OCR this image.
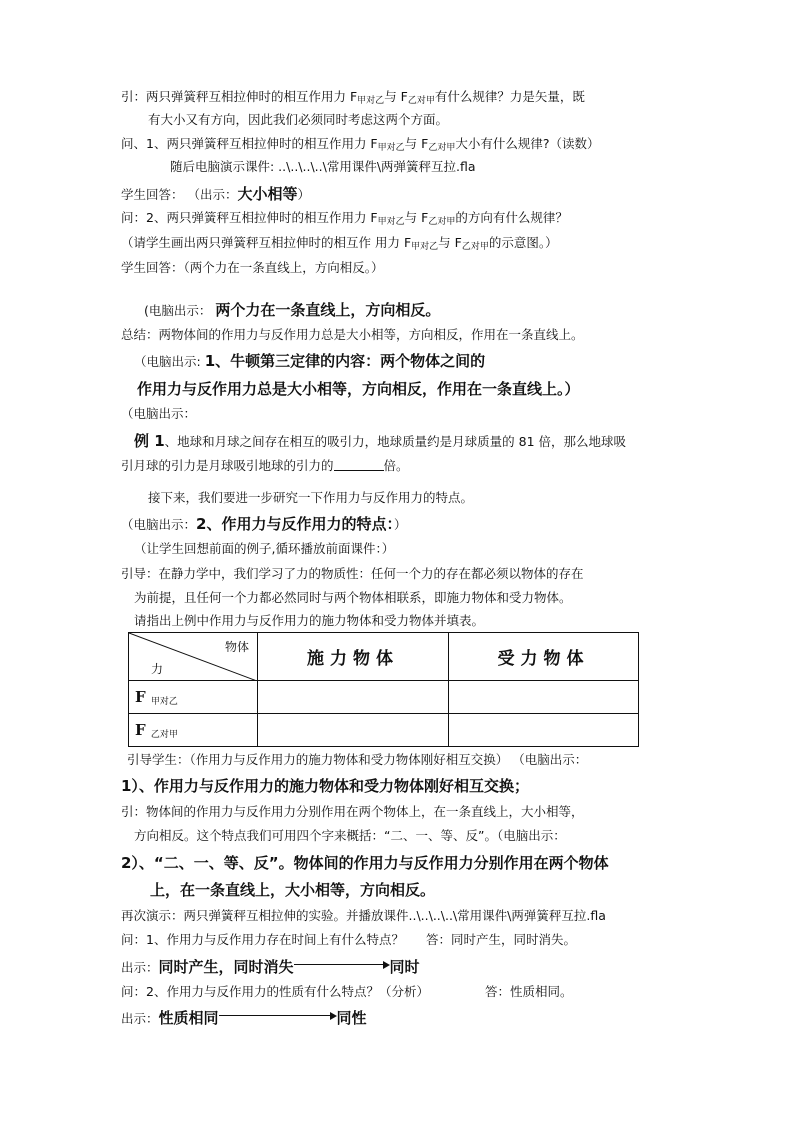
引：两只弹簧秤互相拉伸时的相互作用力 $F_{甲对乙}$与 $F_{乙对甲}$有什么规律？力是矢量，既
有大小又有方向，因此我们必须同时考虑这两个方面。
问、1、两只弹簧秤互相拉伸时的相互作用力 $F_{甲对乙}$与 $F_{乙对甲}$大小有什么规律?（读数）
随后电脑演示课件: ..\..\..\..\常用课件\两弹簧秤互拉.fla
学生回答： （出示：大小相等）
问：2、两只弹簧秤互相拉伸时的相互作用力 $F_{甲对乙}$与 $F_{乙对甲}$的方向有什么规律？
（请学生画出两只弹簧秤互相拉伸时的相互作 用力 $F_{甲对乙}$与 $F_{乙对甲}$的示意图。）
学生回答：（两个力在一条直线上，方向相反。）
(电脑出示： 两个力在一条直线上，方向相反。
总结：两物体间的作用力与反作用力总是大小相等，方向相反，作用在一条直线上。
（电脑出示: 1、牛顿第三定律的内容：两个物体之间的
作用力与反作用力总是大小相等，方向相反，作用在一条直线上。）
（电脑出示：
例 1、地球和月球之间存在相互的吸引力，地球质量约是月球质量的 81 倍，那么地球吸
引月球的引力是月球吸引地球的引力的	倍。
接下来，我们要进一步研究一下作用力与反作用力的特点。
（电脑出示：2、作用力与反作用力的特点：）
（让学生回想前面的例子,循环播放前面课件：）
引导：在静力学中，我们学习了力的物质性：任何一个力的存在都必须以物体的存在
为前提，且任何一个力都必然同时与两个物体相联系，即施力物体和受力物体。
请指出上例中作用力与反作用力的施力物体和受力物体并填表。
物体
力	施力物体	受力物体
F $_{甲对乙}$		
F $_{乙对甲}$		
引导学生：（作用力与反作用力的施力物体和受力物体刚好相互交换） （电脑出示：
1）、作用力与反作用力的施力物体和受力物体刚好相互交换；
引：物体间的作用力与反作用力分别作用在两个物体上，在一条直线上，大小相等，
方向相反。这个特点我们可用四个字来概括：“二、一、等、反”。（电脑出示：
2）、“二、一、等、反”。物体间的作用力与反作用力分别作用在两个物体
上，在一条直线上，大小相等，方向相反。
再次演示：两只弹簧秤互相拉伸的实验。并播放课件..\..\..\..\常用课件\两弹簧秤互拉.fla
问：1、作用力与反作用力存在时间上有什么特点？ 答：同时产生，同时消失。
出示：同时产生，同时消失	同时
问：2、作用力与反作用力的性质有什么特点？（分析）	答：性质相同。
出示：性质相同	同性
